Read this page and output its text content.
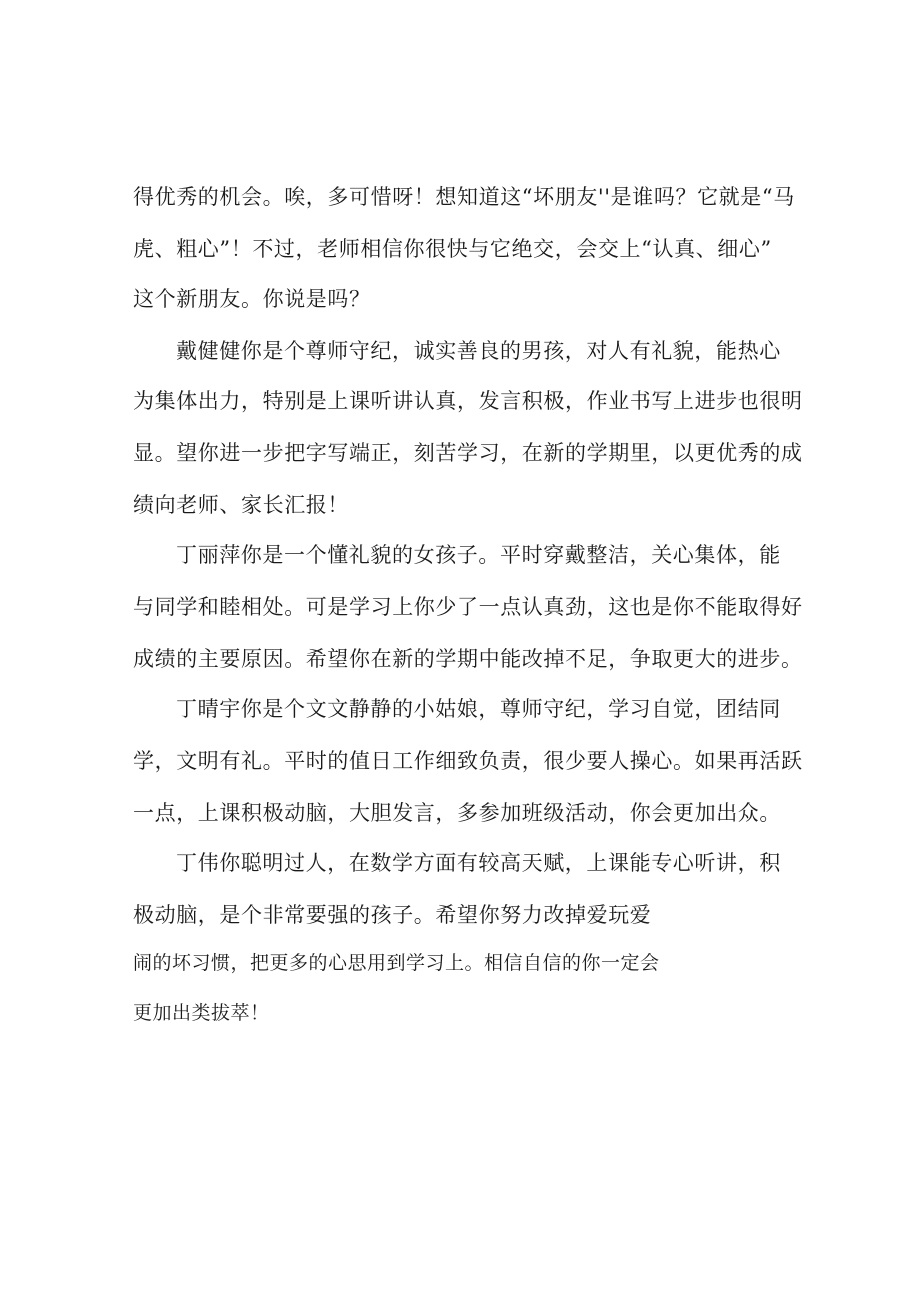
得优秀的机会。唉，多可惜呀！想知道这“坏朋友''是谁吗？它就是“马
虎、粗心”！不过，老师相信你很快与它绝交，会交上“认真、细心”
这个新朋友。你说是吗？
戴健健你是个尊师守纪，诚实善良的男孩，对人有礼貌，能热心
为集体出力，特别是上课听讲认真，发言积极，作业书写上进步也很明
显。望你进一步把字写端正，刻苦学习，在新的学期里，以更优秀的成
绩向老师、家长汇报！
丁丽萍你是一个懂礼貌的女孩子。平时穿戴整洁，关心集体，能
与同学和睦相处。可是学习上你少了一点认真劲，这也是你不能取得好
成绩的主要原因。希望你在新的学期中能改掉不足，争取更大的进步。
丁晴宇你是个文文静静的小姑娘，尊师守纪，学习自觉，团结同
学，文明有礼。平时的值日工作细致负责，很少要人操心。如果再活跃
一点，上课积极动脑，大胆发言，多参加班级活动，你会更加出众。
丁伟你聪明过人，在数学方面有较高天赋，上课能专心听讲，积
极动脑，是个非常要强的孩子。希望你努力改掉爱玩爱
闹的坏习惯，把更多的心思用到学习上。相信自信的你一定会
更加出类拔萃！
